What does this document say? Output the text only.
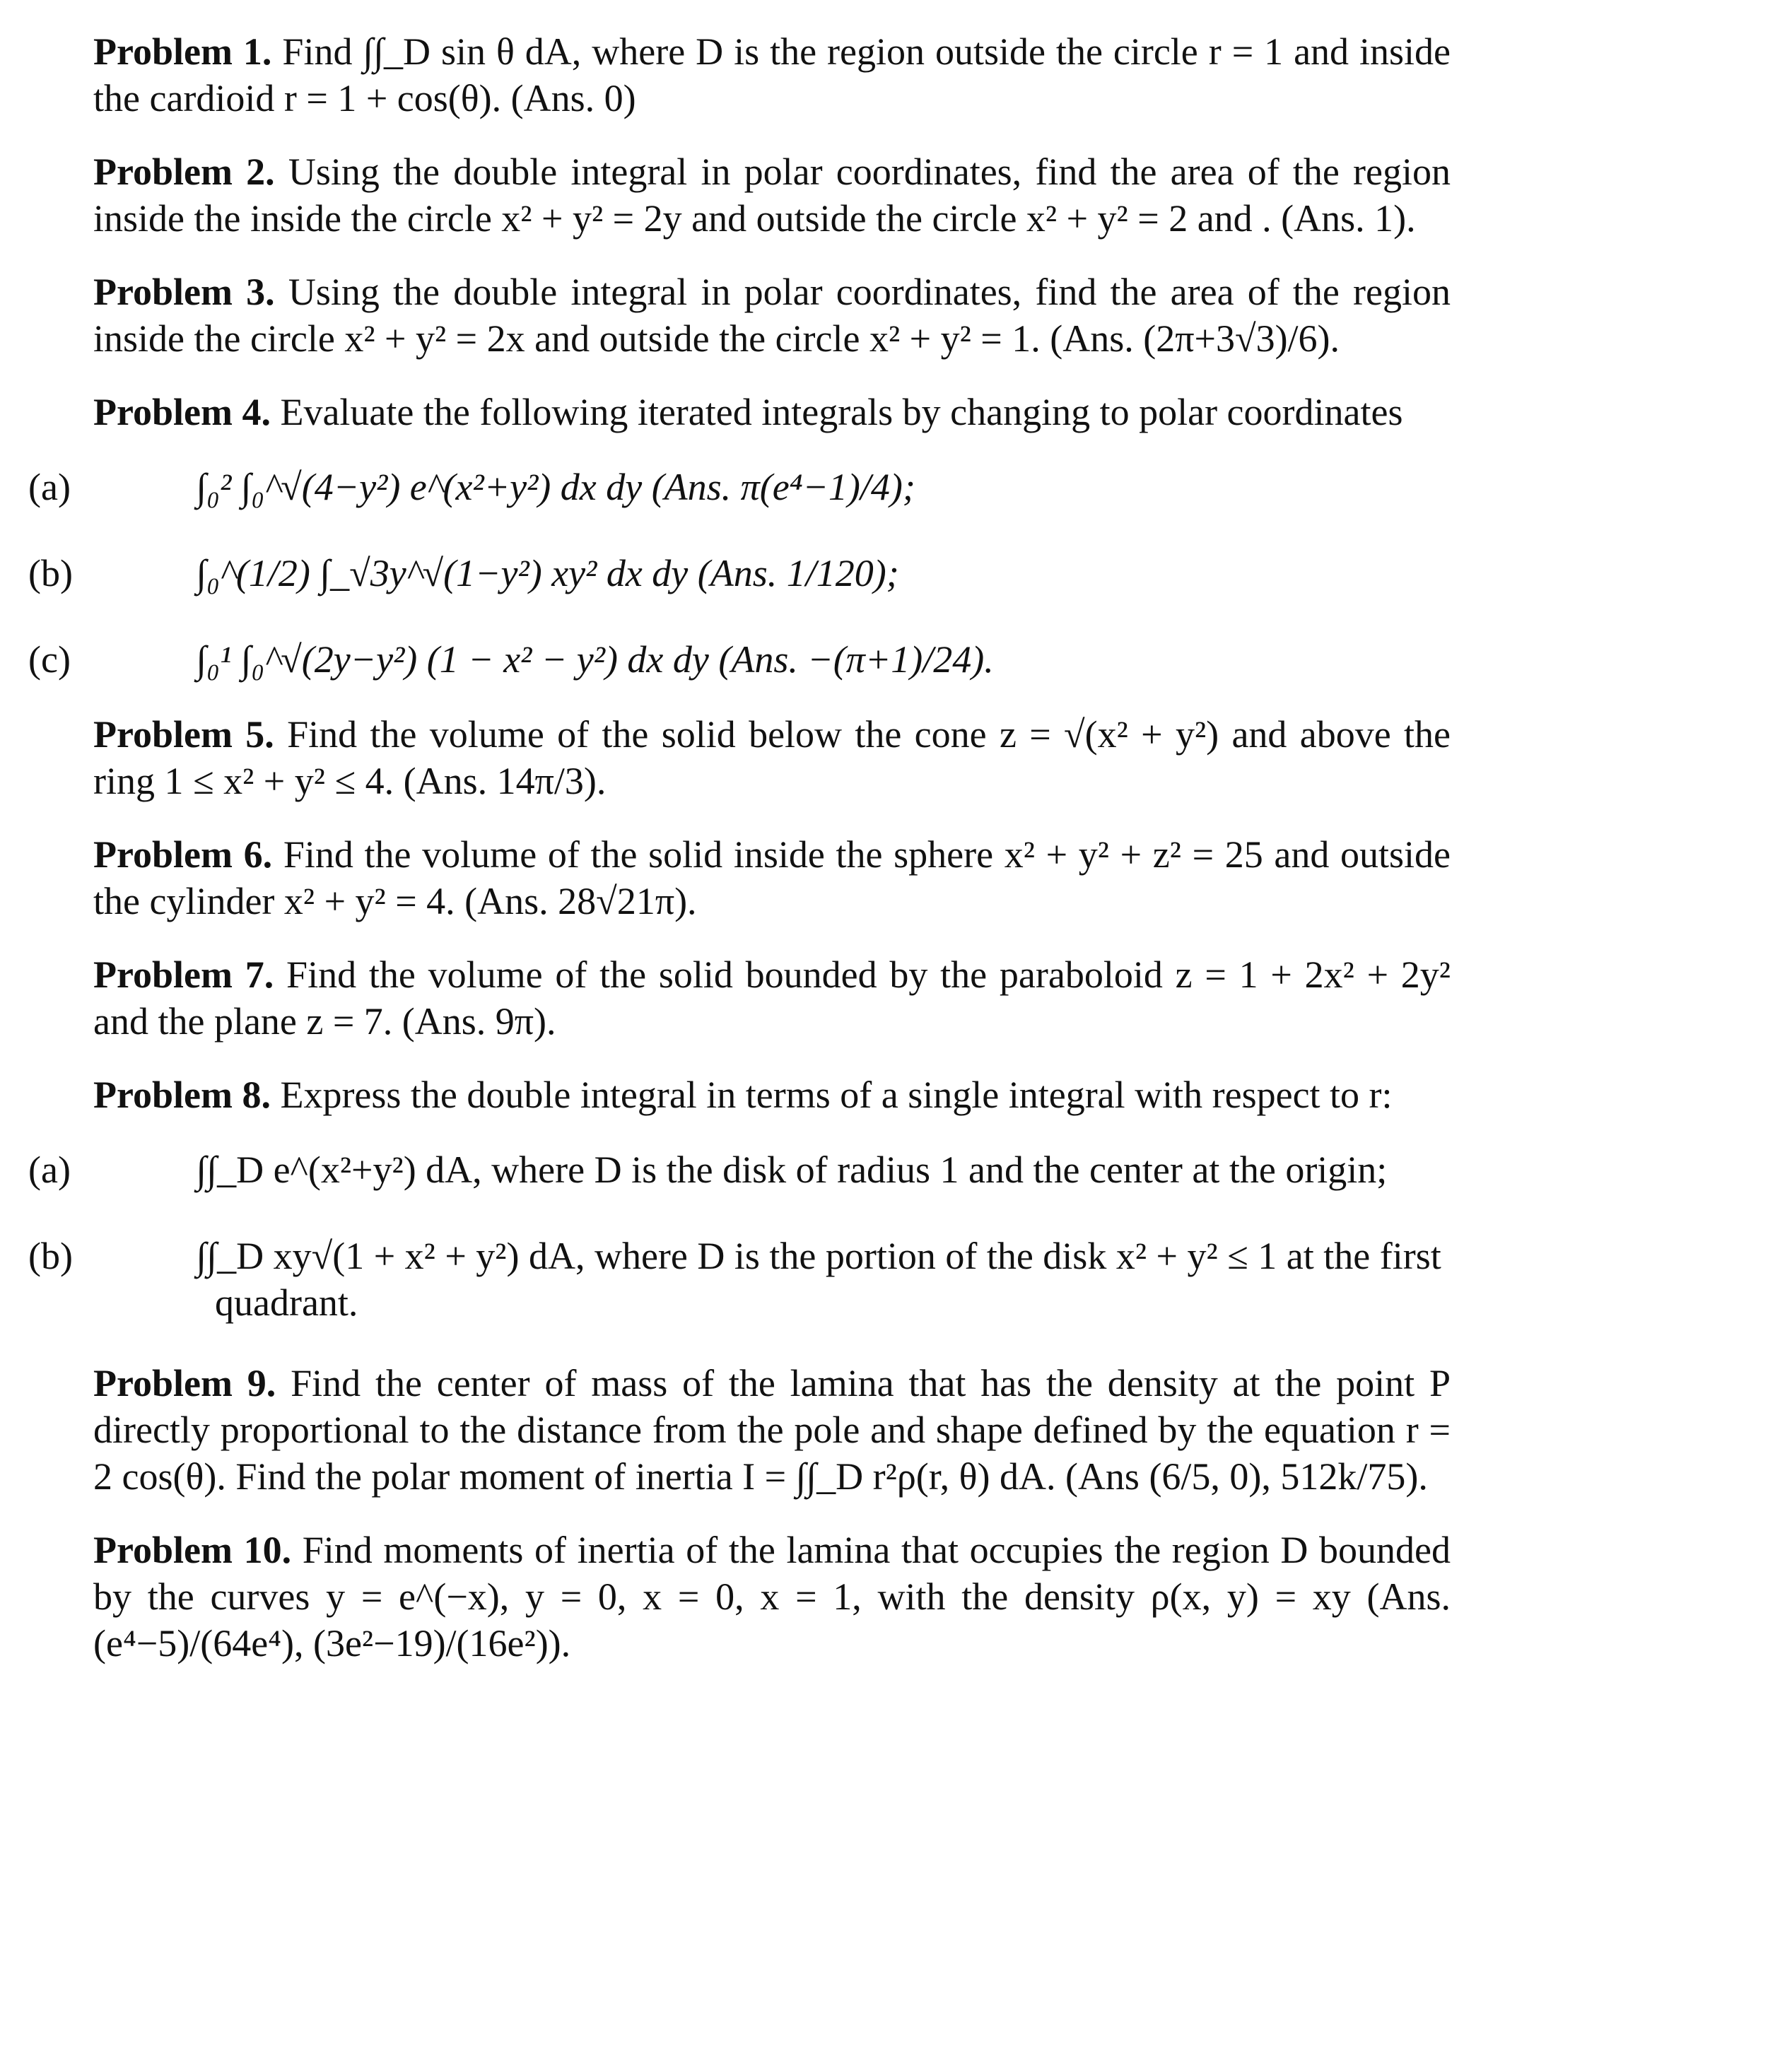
Problem 1. Find ∫∫_D sin θ dA, where D is the region outside the circle r = 1 and inside the cardioid r = 1 + cos(θ). (Ans. 0)

Problem 2. Using the double integral in polar coordinates, find the area of the region inside the inside the circle x² + y² = 2y and outside the circle x² + y² = 2 and . (Ans. 1).

Problem 3. Using the double integral in polar coordinates, find the area of the region inside the circle x² + y² = 2x and outside the circle x² + y² = 1. (Ans. (2π+3√3)/6).

Problem 4. Evaluate the following iterated integrals by changing to polar coordinates

(a)	∫₀² ∫₀^√(4−y²) e^(x²+y²) dx dy (Ans. π(e⁴−1)/4);
(b)	∫₀^(1/2) ∫_√3y^√(1−y²) xy² dx dy (Ans. 1/120);
(c)	∫₀¹ ∫₀^√(2y−y²) (1 − x² − y²) dx dy (Ans. −(π+1)/24).

Problem 5. Find the volume of the solid below the cone z = √(x² + y²) and above the ring 1 ≤ x² + y² ≤ 4. (Ans. 14π/3).

Problem 6. Find the volume of the solid inside the sphere x² + y² + z² = 25 and outside the cylinder x² + y² = 4. (Ans. 28√21π).

Problem 7. Find the volume of the solid bounded by the paraboloid z = 1 + 2x² + 2y² and the plane z = 7. (Ans. 9π).

Problem 8. Express the double integral in terms of a single integral with respect to r:

(a)	∫∫_D e^(x²+y²) dA, where D is the disk of radius 1 and the center at the origin;
(b)	∫∫_D xy√(1 + x² + y²) dA, where D is the portion of the disk x² + y² ≤ 1 at the first quadrant.

Problem 9. Find the center of mass of the lamina that has the density at the point P directly proportional to the distance from the pole and shape defined by the equation r = 2 cos(θ). Find the polar moment of inertia I = ∫∫_D r²ρ(r, θ) dA. (Ans (6/5, 0), 512k/75).

Problem 10. Find moments of inertia of the lamina that occupies the region D bounded by the curves y = e^(−x), y = 0, x = 0, x = 1, with the density ρ(x, y) = xy (Ans. (e⁴−5)/(64e⁴), (3e²−19)/(16e²)).
